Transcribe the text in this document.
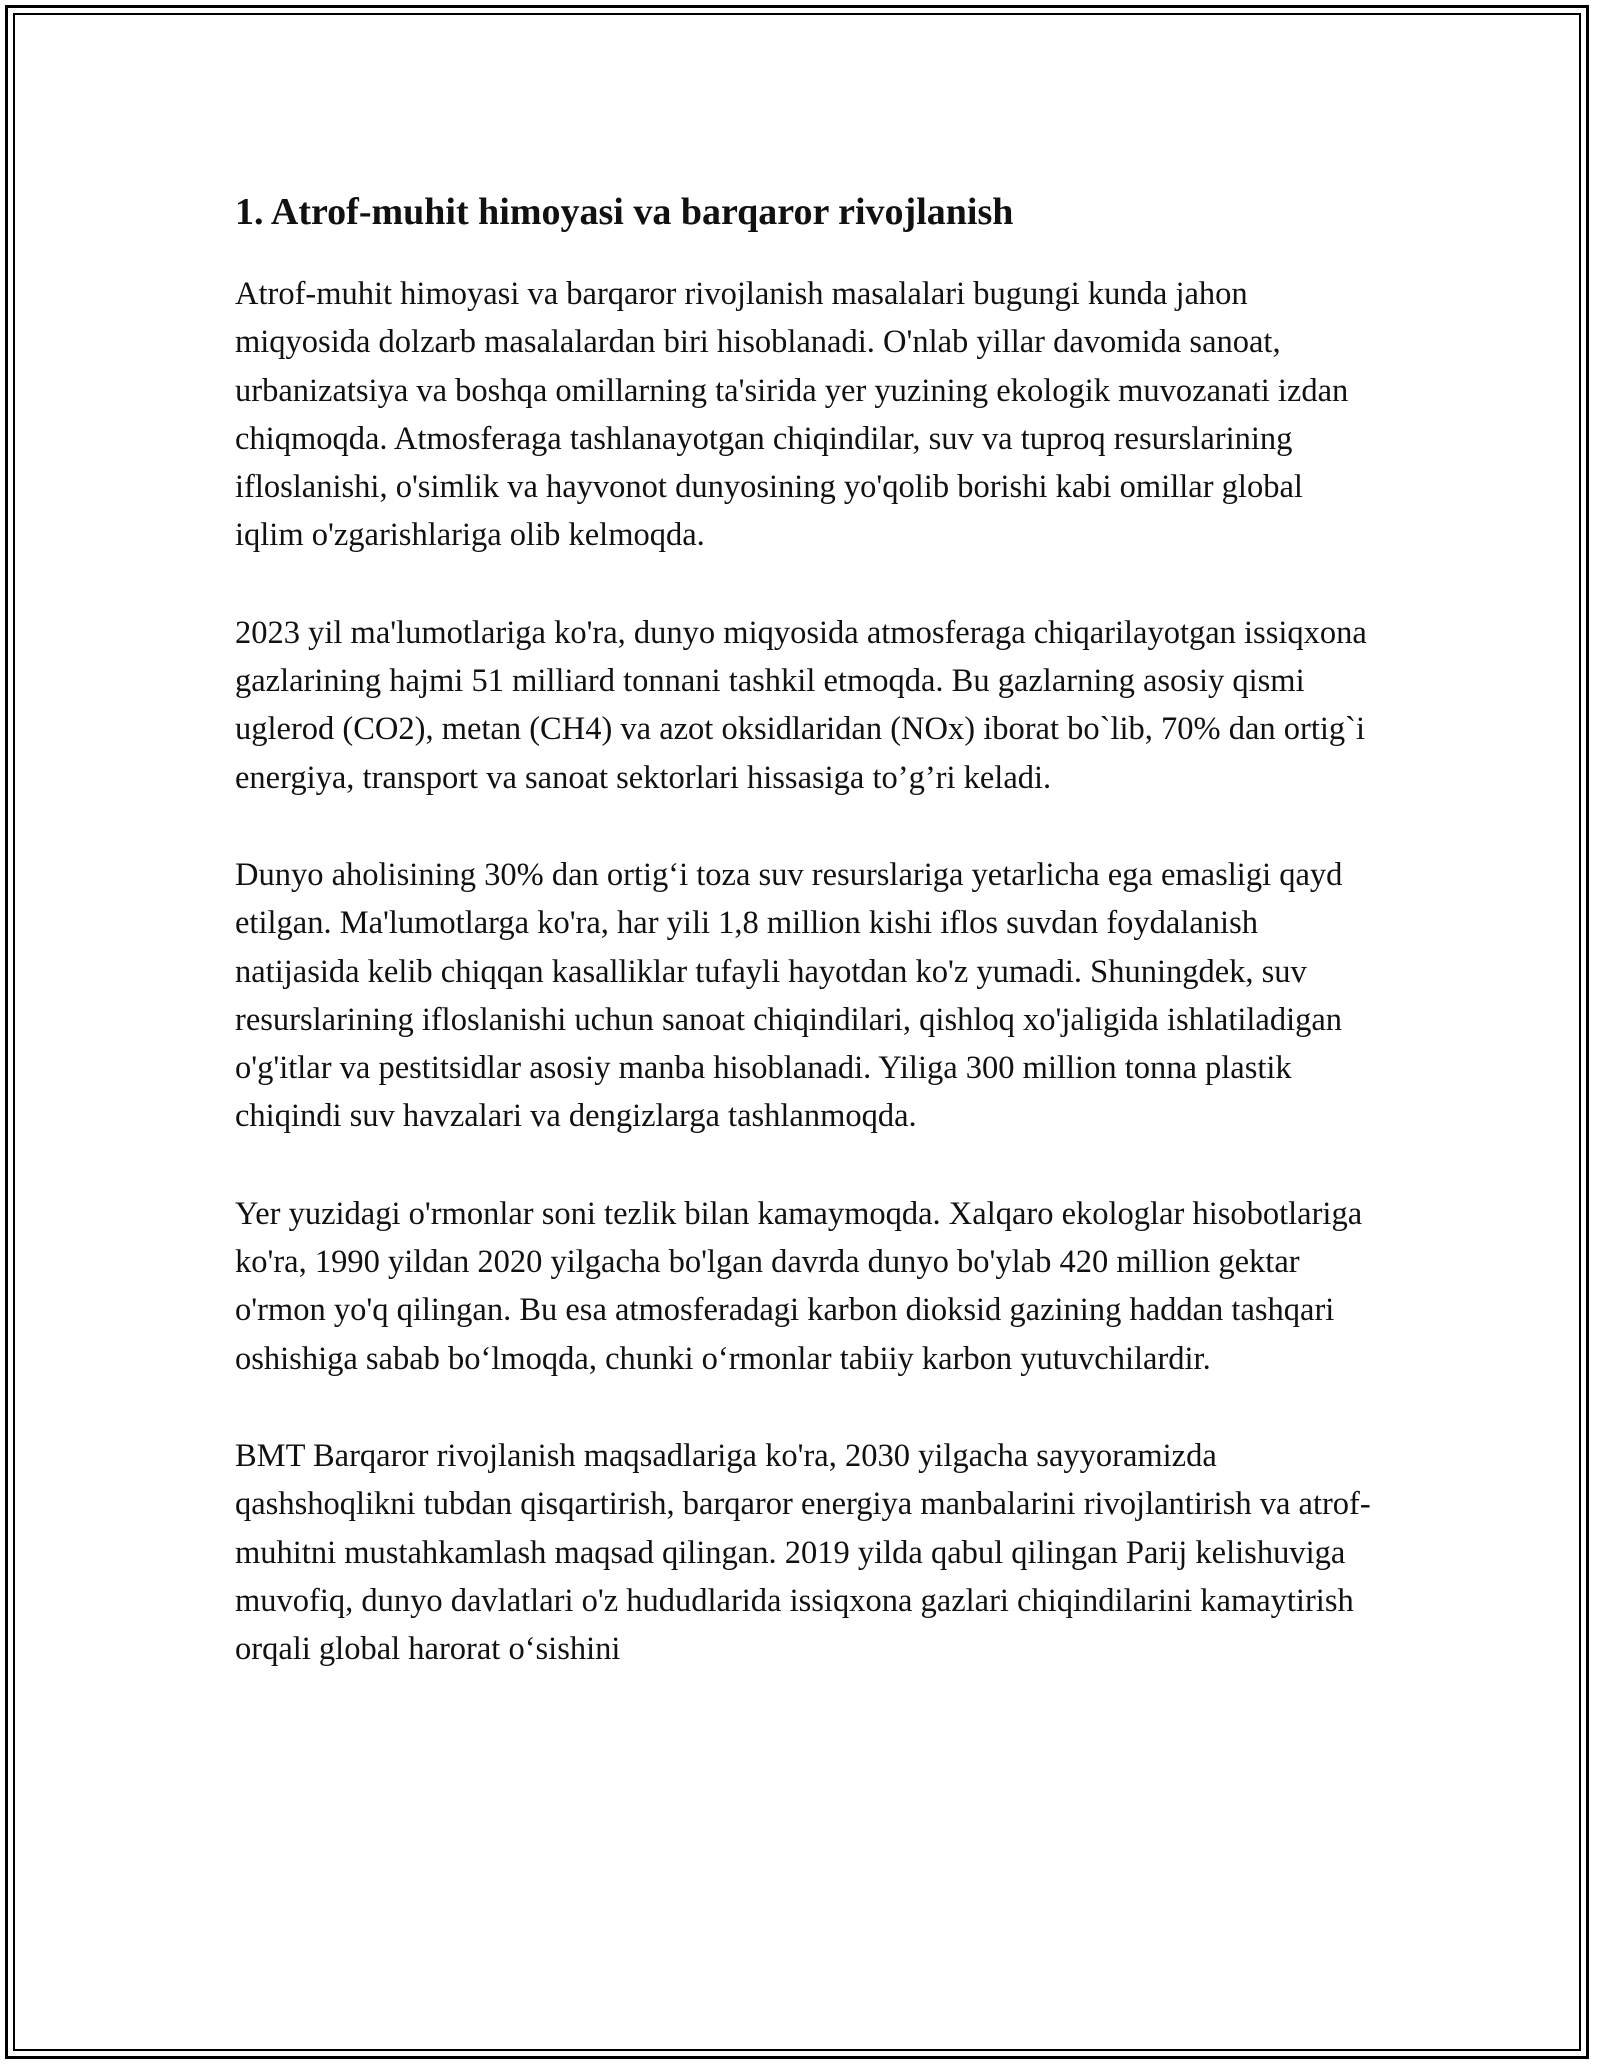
1. Atrof-muhit himoyasi va barqaror rivojlanish

Atrof-muhit himoyasi va barqaror rivojlanish masalalari bugungi kunda jahon miqyosida dolzarb masalalardan biri hisoblanadi. O'nlab yillar davomida sanoat, urbanizatsiya va boshqa omillarning ta'sirida yer yuzining ekologik muvozanati izdan chiqmoqda. Atmosferaga tashlanayotgan chiqindilar, suv va tuproq resurslarining ifloslanishi, o'simlik va hayvonot dunyosining yo'qolib borishi kabi omillar global iqlim o'zgarishlariga olib kelmoqda.

2023 yil ma'lumotlariga ko'ra, dunyo miqyosida atmosferaga chiqarilayotgan issiqxona gazlarining hajmi 51 milliard tonnani tashkil etmoqda. Bu gazlarning asosiy qismi uglerod (CO2), metan (CH4) va azot oksidlaridan (NOx) iborat bo`lib, 70% dan ortig`i energiya, transport va sanoat sektorlari hissasiga to’g’ri keladi.

Dunyo aholisining 30% dan ortig‘i toza suv resurslariga yetarlicha ega emasligi qayd etilgan. Ma'lumotlarga ko'ra, har yili 1,8 million kishi iflos suvdan foydalanish natijasida kelib chiqqan kasalliklar tufayli hayotdan ko'z yumadi. Shuningdek, suv resurslarining ifloslanishi uchun sanoat chiqindilari, qishloq xo'jaligida ishlatiladigan o'g'itlar va pestitsidlar asosiy manba hisoblanadi. Yiliga 300 million tonna plastik chiqindi suv havzalari va dengizlarga tashlanmoqda.

Yer yuzidagi o'rmonlar soni tezlik bilan kamaymoqda. Xalqaro ekologlar hisobotlariga ko'ra, 1990 yildan 2020 yilgacha bo'lgan davrda dunyo bo'ylab 420 million gektar o'rmon yo'q qilingan. Bu esa atmosferadagi karbon dioksid gazining haddan tashqari oshishiga sabab bo‘lmoqda, chunki o‘rmonlar tabiiy karbon yutuvchilardir.

BMT Barqaror rivojlanish maqsadlariga ko'ra, 2030 yilgacha sayyoramizda qashshoqlikni tubdan qisqartirish, barqaror energiya manbalarini rivojlantirish va atrof-muhitni mustahkamlash maqsad qilingan. 2019 yilda qabul qilingan Parij kelishuviga muvofiq, dunyo davlatlari o'z hududlarida issiqxona gazlari chiqindilarini kamaytirish orqali global harorat o‘sishini
